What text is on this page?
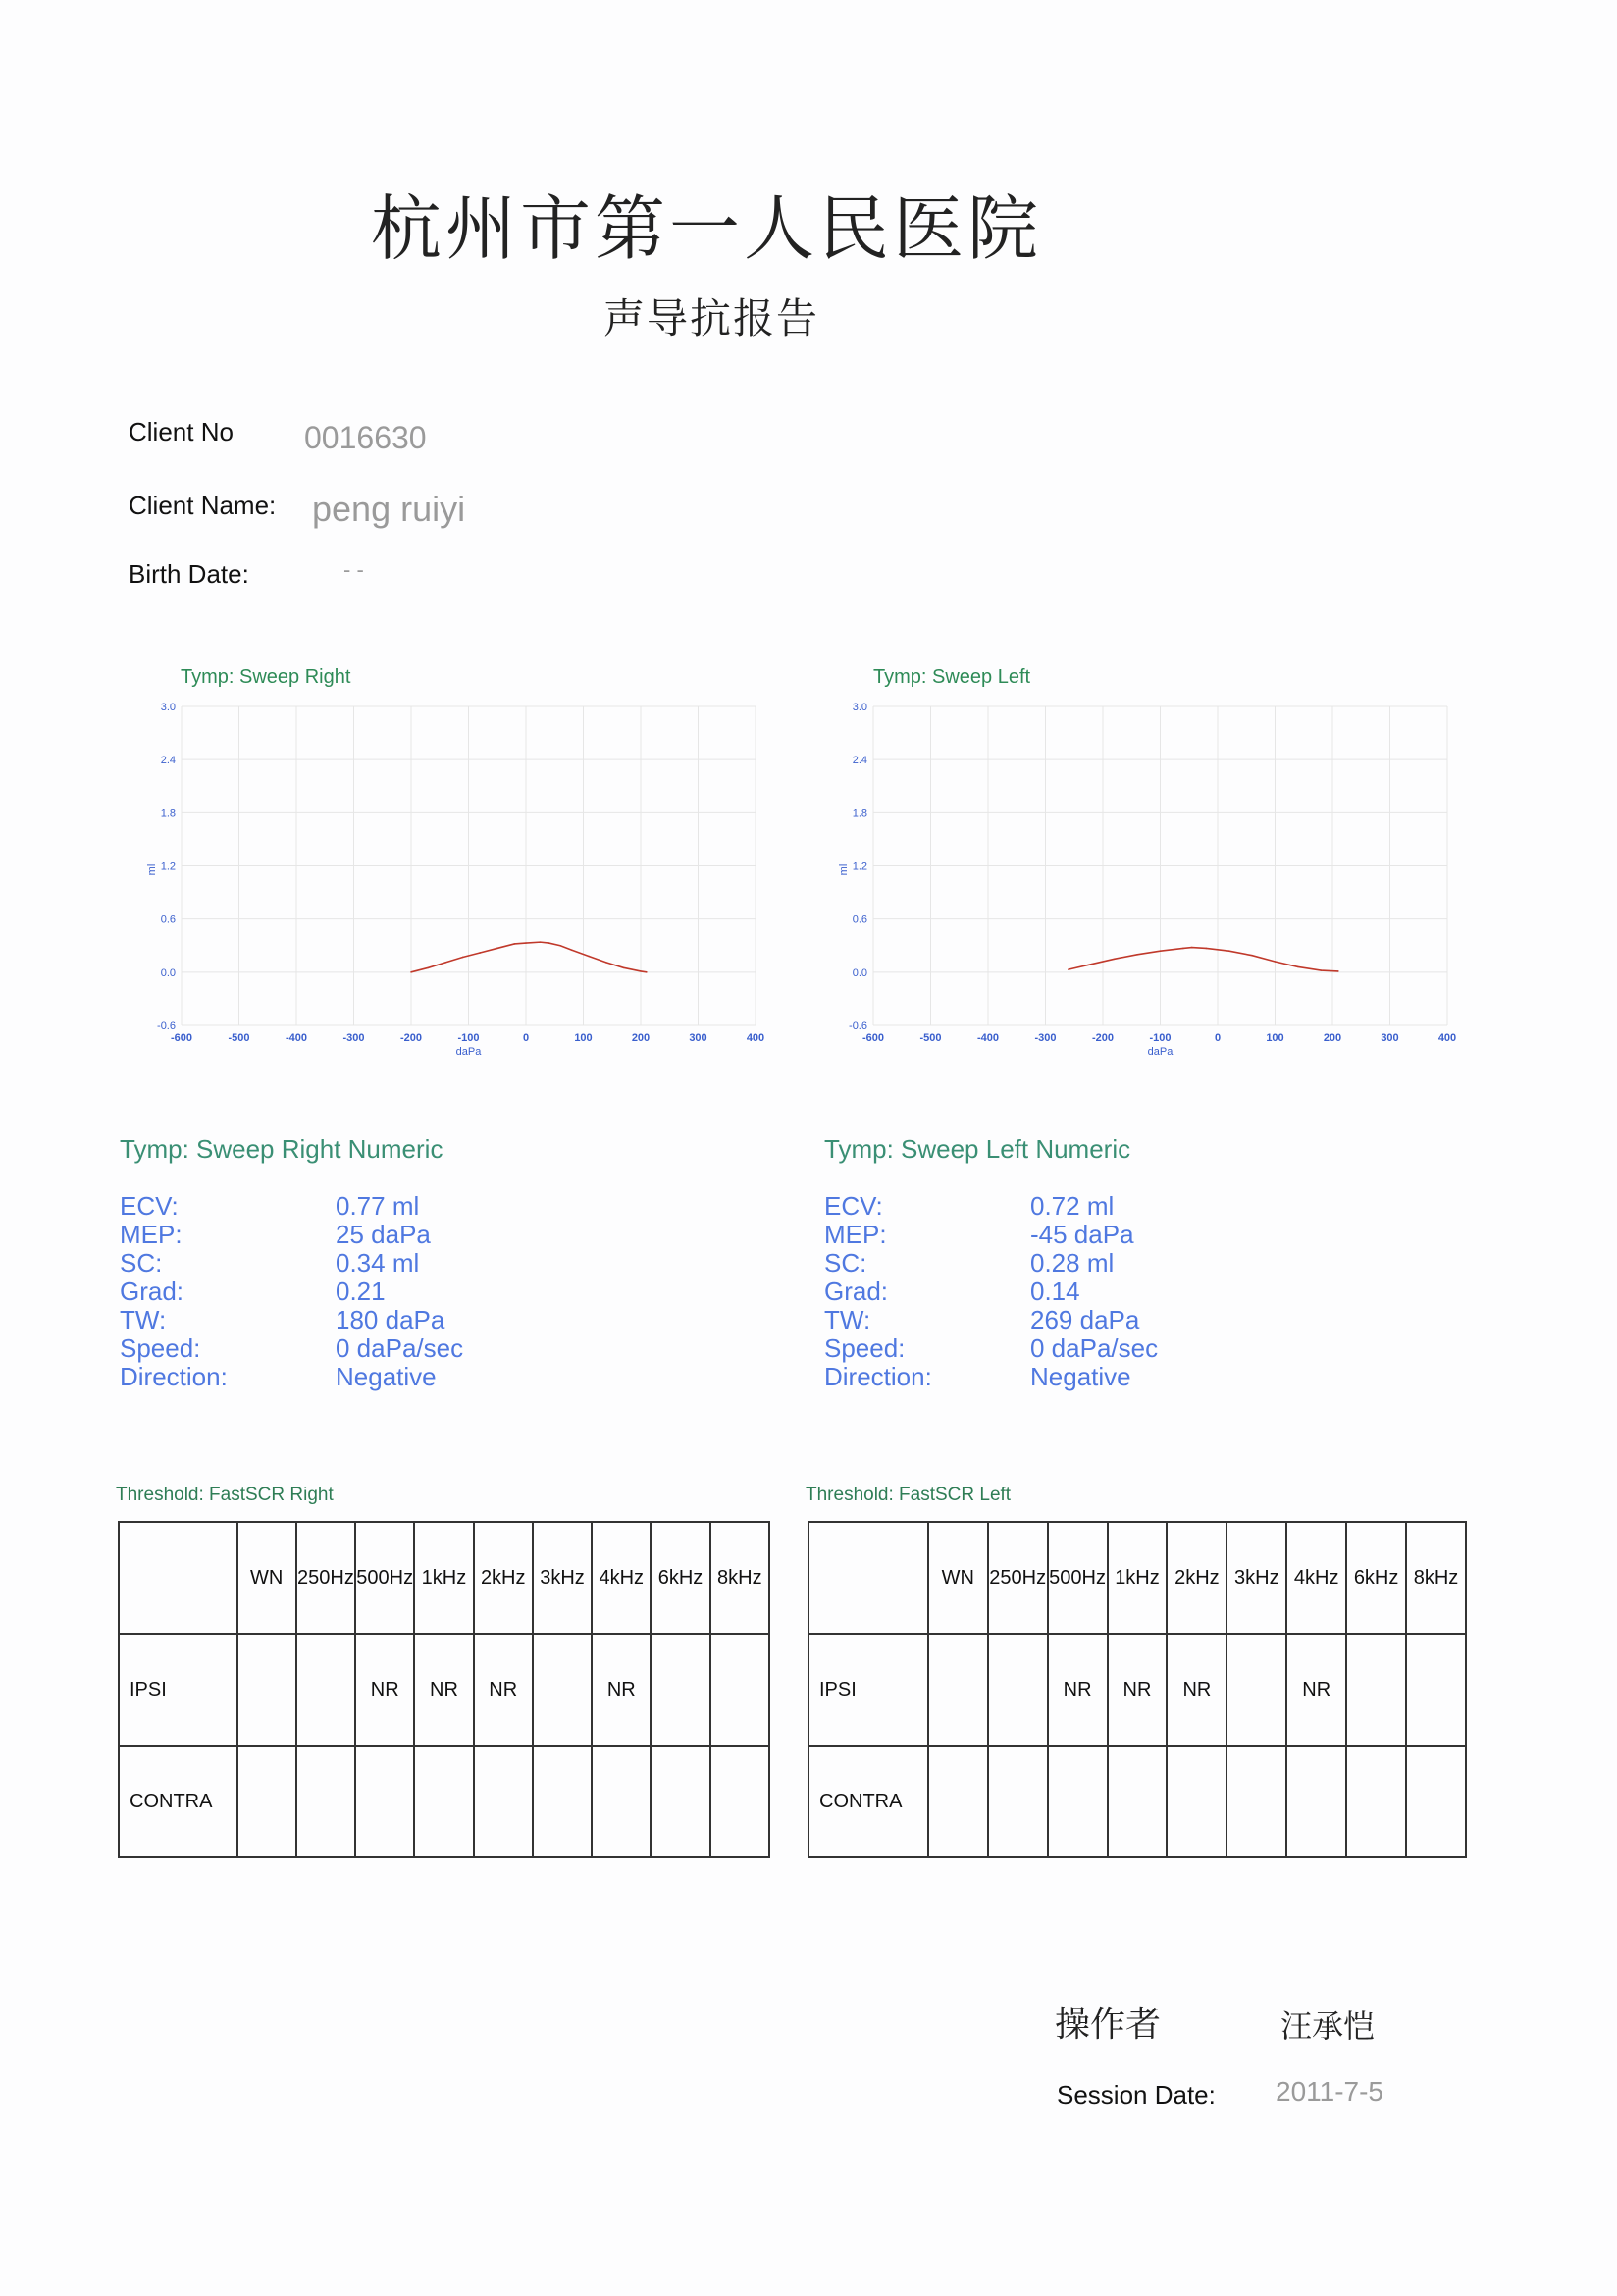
杭州市第一人民医院
声导抗报告
Client No 0016630
Client Name: peng ruiyi
Birth Date:	- -
Tymp: Sweep Right
-600	-500	-400	-300	-200	-100	0	100	200	300	400
3.0
2.4
1.8
1.2
0.6
0.0
-0.6
daPa
ml
Tymp: Sweep Left
-600	-500	-400	-300	-200	-100	0	100	200	300	400
3.0
2.4
1.8
1.2
0.6
0.0
-0.6
daPa
ml
Tymp: Sweep Right Numeric
ECV:	0.77 ml
MEP:	25 daPa
SC:	0.34 ml
Grad:	0.21
TW:	180 daPa
Speed:	0 daPa/sec
Direction:	Negative
Tymp: Sweep Left Numeric
ECV:	0.72 ml
MEP:	-45 daPa
SC:	0.28 ml
Grad:	0.14
TW:	269 daPa
Speed:	0 daPa/sec
Direction:	Negative
Threshold: FastSCR Right
	WN	250Hz	500Hz	1kHz	2kHz	3kHz	4kHz	6kHz	8kHz
IPSI			NR	NR	NR		NR		
CONTRA									
Threshold: FastSCR Left
	WN	250Hz	500Hz	1kHz	2kHz	3kHz	4kHz	6kHz	8kHz
IPSI			NR	NR	NR		NR		
CONTRA									
操作者	汪承恺
Session Date: 2011-7-5
